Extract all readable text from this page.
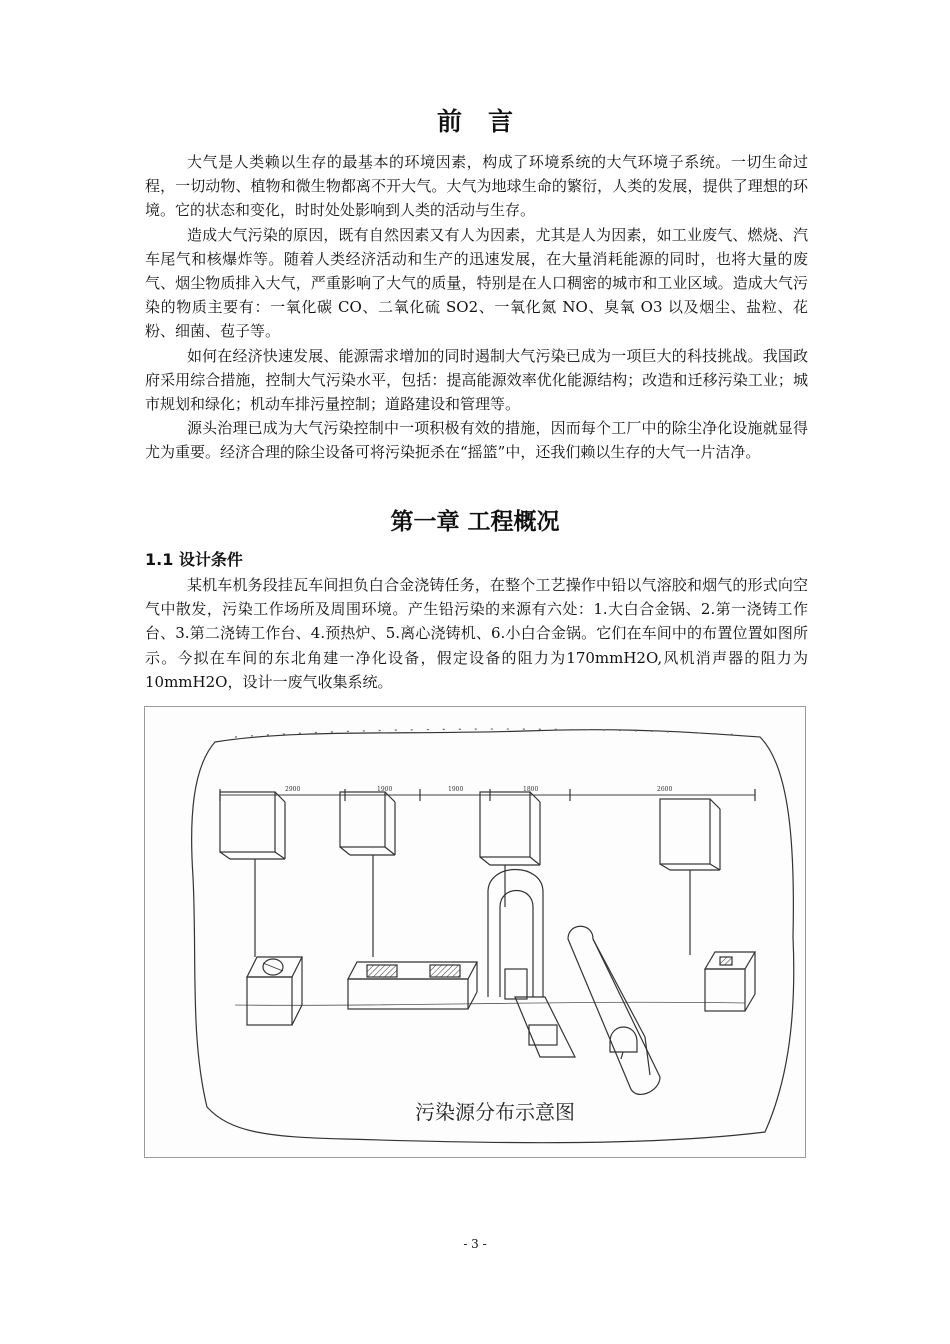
前言

大气是人类赖以生存的最基本的环境因素，构成了环境系统的大气环境子系统。一切生命过程，一切动物、植物和微生物都离不开大气。大气为地球生命的繁衍，人类的发展，提供了理想的环境。它的状态和变化，时时处处影响到人类的活动与生存。

造成大气污染的原因，既有自然因素又有人为因素，尤其是人为因素，如工业废气、燃烧、汽车尾气和核爆炸等。随着人类经济活动和生产的迅速发展，在大量消耗能源的同时，也将大量的废气、烟尘物质排入大气，严重影响了大气的质量，特别是在人口稠密的城市和工业区域。造成大气污染的物质主要有：一氧化碳 CO、二氧化硫 SO2、一氧化氮 NO、臭氧 O3 以及烟尘、盐粒、花粉、细菌、苞子等。

如何在经济快速发展、能源需求增加的同时遏制大气污染已成为一项巨大的科技挑战。我国政府采用综合措施，控制大气污染水平，包括：提高能源效率优化能源结构；改造和迁移污染工业；城市规划和绿化；机动车排污量控制；道路建设和管理等。

源头治理已成为大气污染控制中一项积极有效的措施，因而每个工厂中的除尘净化设施就显得尤为重要。经济合理的除尘设备可将污染扼杀在“摇篮”中，还我们赖以生存的大气一片洁净。

第一章 工程概况
1.1 设计条件

某机车机务段挂瓦车间担负白合金浇铸任务，在整个工艺操作中铅以气溶胶和烟气的形式向空气中散发，污染工作场所及周围环境。产生铅污染的来源有六处：1.大白合金锅、2.第一浇铸工作台、3.第二浇铸工作台、4.预热炉、5.离心浇铸机、6.小白合金锅。它们在车间中的布置位置如图所示。今拟在车间的东北角建一净化设备，假定设备的阻力为170mmH2O,风机消声器的阻力为10mmH2O，设计一废气收集系统。

2900	1900	1900	1800	2600
污染源分布示意图
- 3 -
